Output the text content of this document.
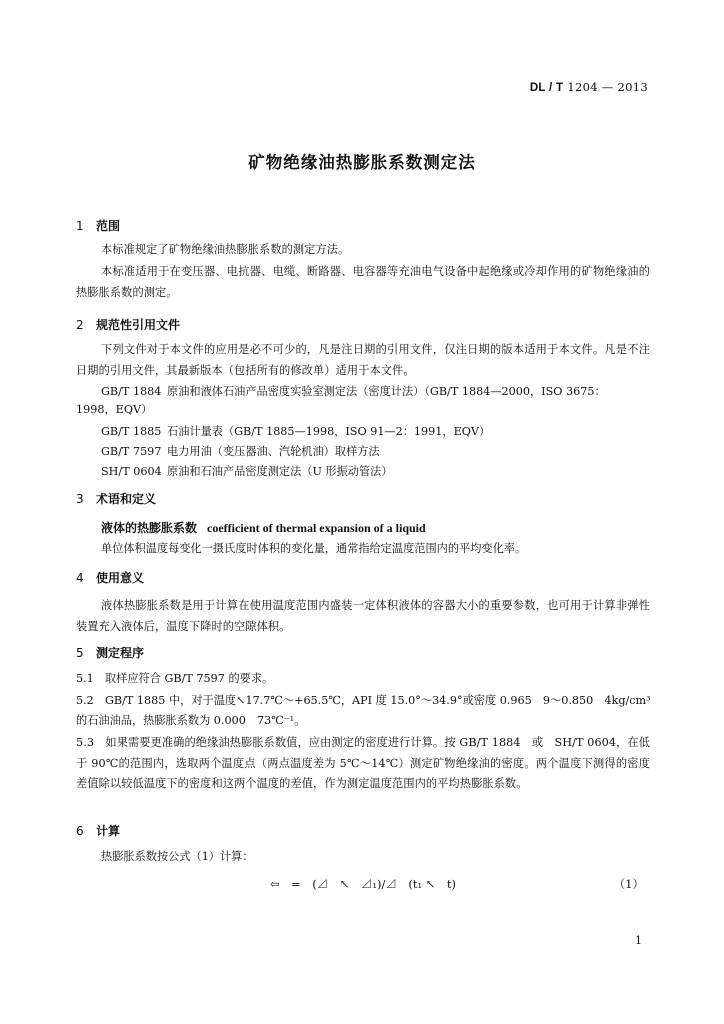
DL / T 1204 — 2013
矿物绝缘油热膨胀系数测定法
1 范围
本标准规定了矿物绝缘油热膨胀系数的测定方法。
本标准适用于在变压器、电抗器、电缆、断路器、电容器等充油电气设备中起绝缘或冷却作用的矿物绝缘油的热膨胀系数的测定。
2 规范性引用文件
下列文件对于本文件的应用是必不可少的，凡是注日期的引用文件，仅注日期的版本适用于本文件。凡是不注日期的引用文件，其最新版本（包括所有的修改单）适用于本文件。
GB/T 1884 原油和液体石油产品密度实验室测定法（密度计法）（GB/T 1884—2000，ISO 3675：
1998，EQV）
GB/T 1885 石油计量表（GB/T 1885—1998，ISO 91—2：1991，EQV）
GB/T 7597 电力用油（变压器油、汽轮机油）取样方法
SH/T 0604 原油和石油产品密度测定法（U 形振动管法）
3 术语和定义
液体的热膨胀系数 coefficient of thermal expansion of a liquid
单位体积温度每变化一摄氏度时体积的变化量，通常指给定温度范围内的平均变化率。
4 使用意义
液体热膨胀系数是用于计算在使用温度范围内盛装一定体积液体的容器大小的重要参数，也可用于计算非弹性装置充入液体后，温度下降时的空隙体积。
5 测定程序
5.1　取样应符合 GB/T 7597 的要求。
5.2　GB/T 1885 中，对于温度↖17.7℃～+65.5℃，API 度 15.0°～34.9°或密度 0.965　9～0.850　4kg/cm³
的石油油品，热膨胀系数为 0.000　73℃⁻¹。
5.3　如果需要更准确的绝缘油热膨胀系数值，应由测定的密度进行计算。按 GB/T 1884　或　SH/T 0604，在低于 90℃的范围内，选取两个温度点（两点温度差为 5℃～14℃）测定矿物绝缘油的密度。两个温度下测得的密度差值除以较低温度下的密度和这两个温度的差值，作为测定温度范围内的平均热膨胀系数。
6 计算
热膨胀系数按公式（1）计算：
⇦　=　(⊿　↖　⊿₁)/⊿　(t₁ ↖　t)	（1）
1
